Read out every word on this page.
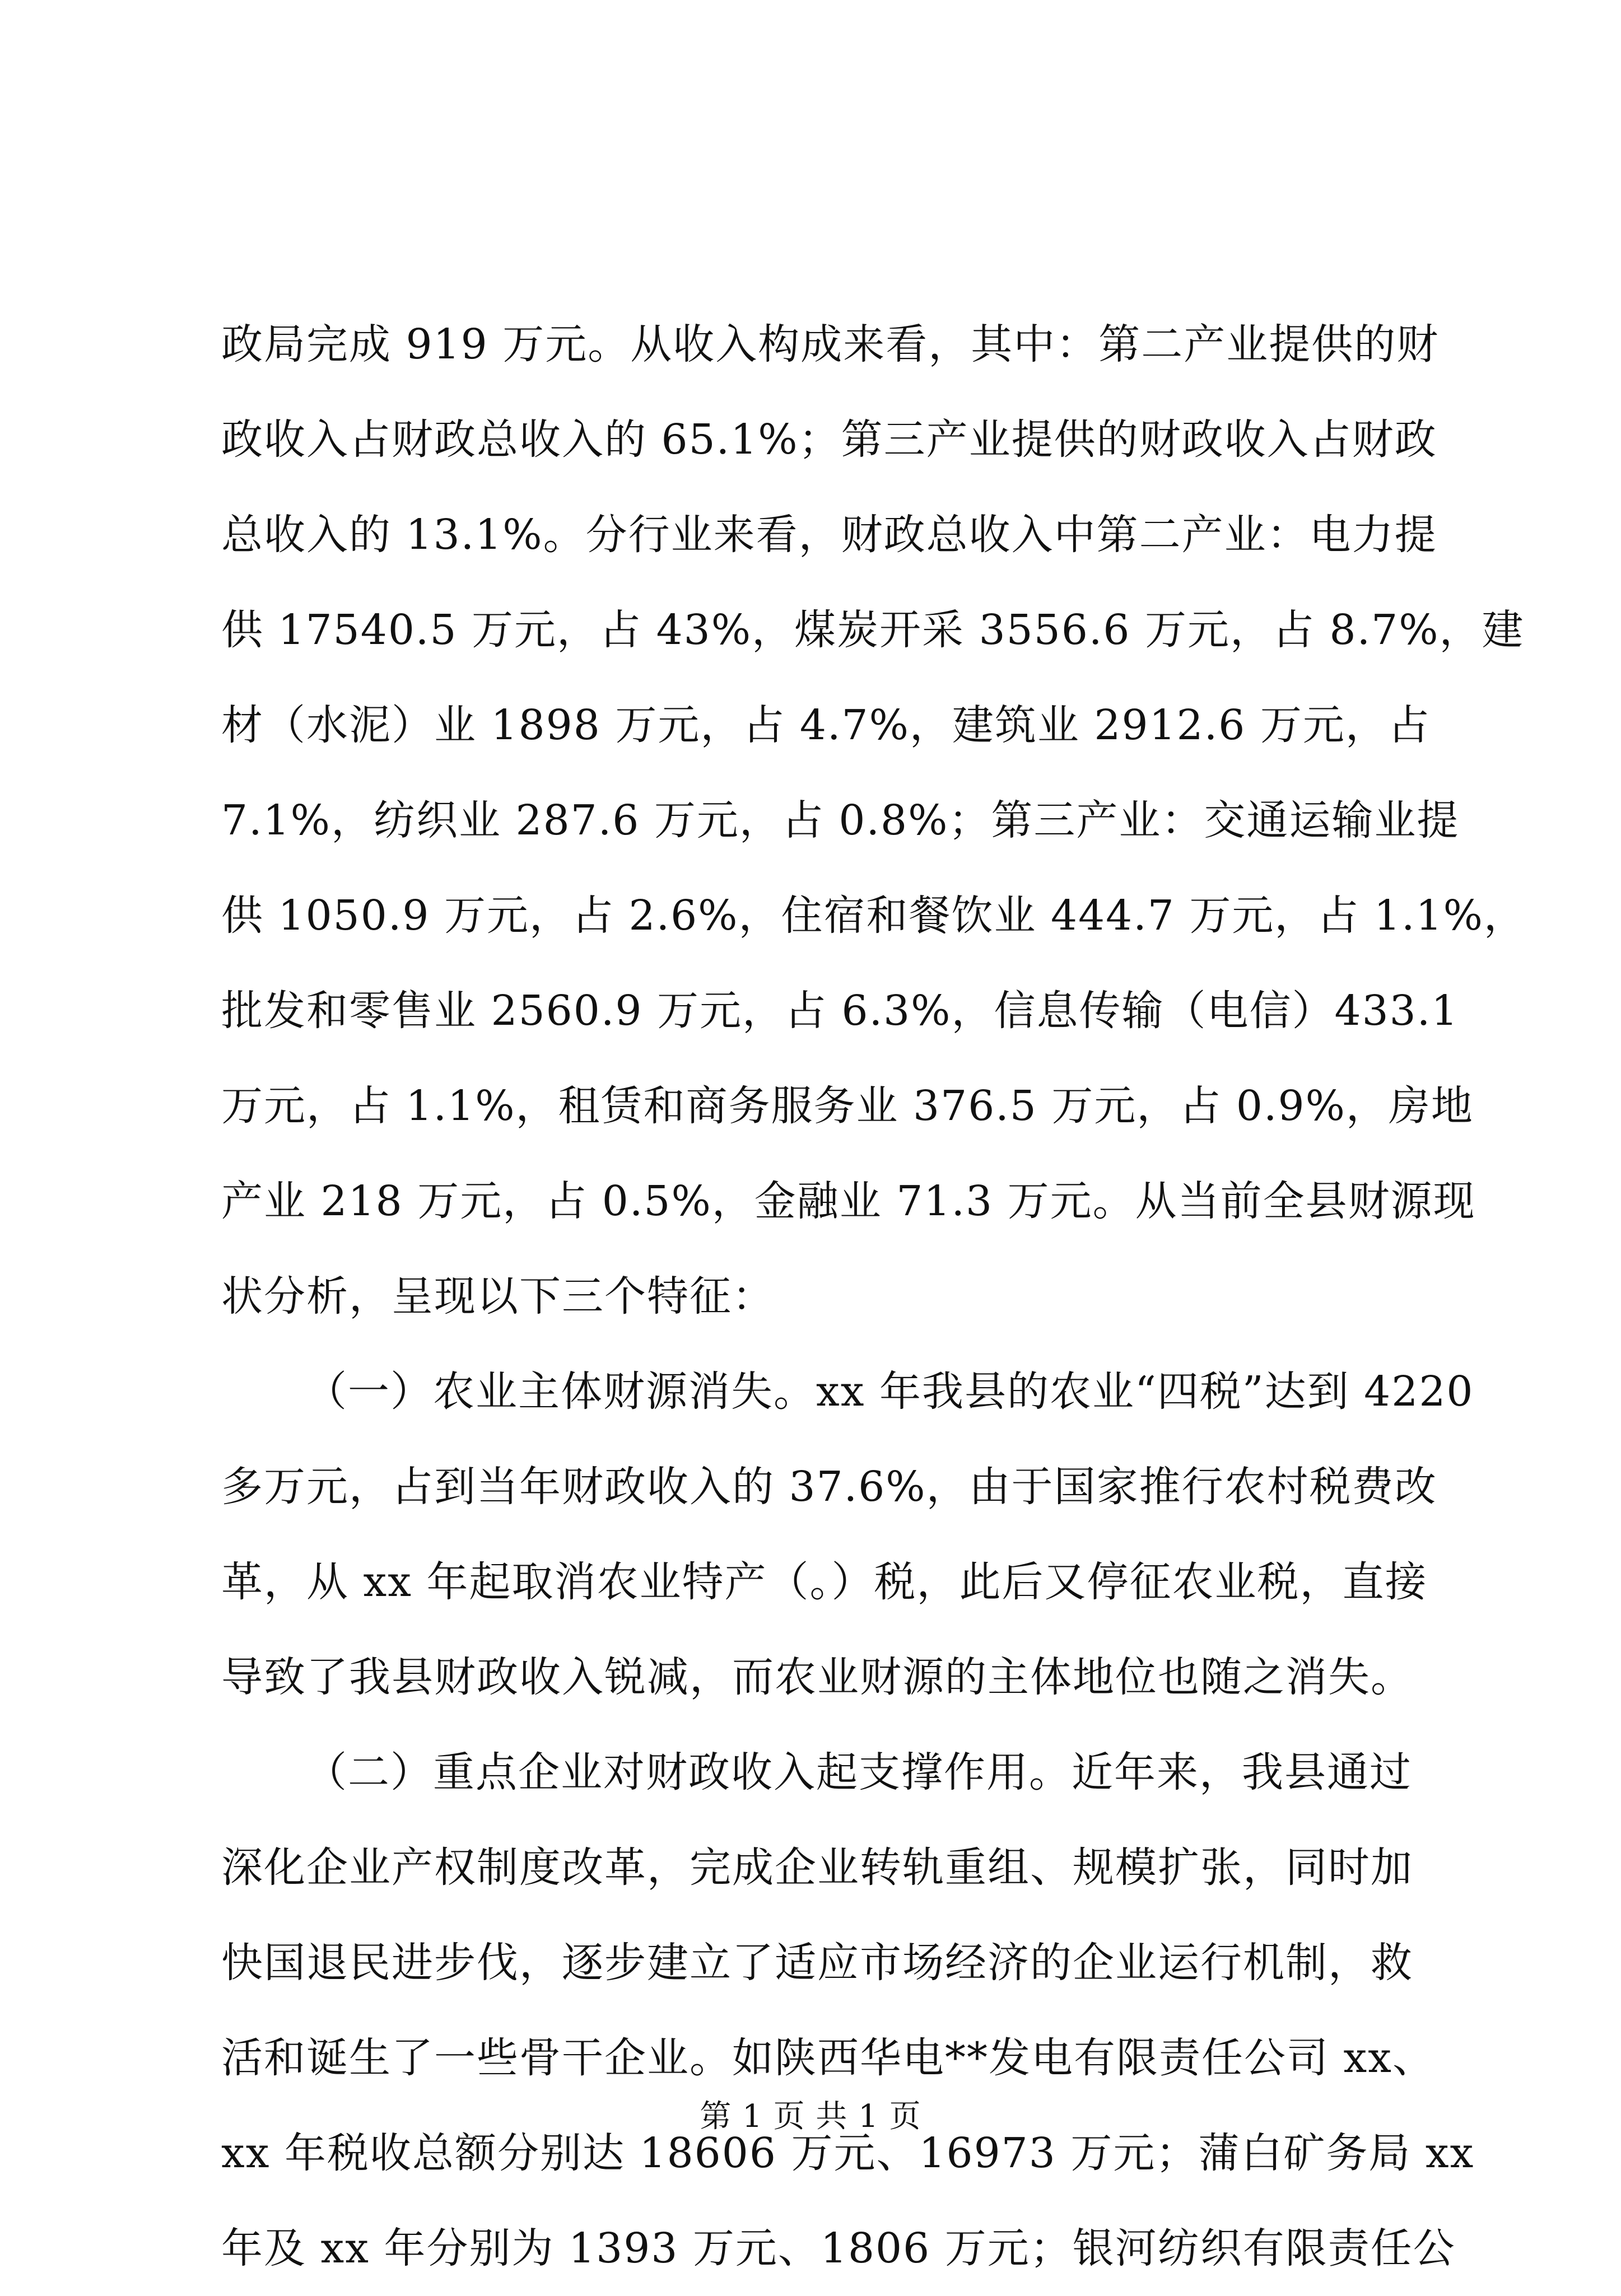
政局完成 919 万元。从收入构成来看，其中：第二产业提供的财
政收入占财政总收入的 65.1%；第三产业提供的财政收入占财政
总收入的 13.1%。分行业来看，财政总收入中第二产业：电力提
供 17540.5 万元，占 43%，煤炭开采 3556.6 万元，占 8.7%，建
材（水泥）业 1898 万元，占 4.7%，建筑业 2912.6 万元，占
7.1%，纺织业 287.6 万元，占 0.8%；第三产业：交通运输业提
供 1050.9 万元，占 2.6%，住宿和餐饮业 444.7 万元，占 1.1%，
批发和零售业 2560.9 万元，占 6.3%，信息传输（电信）433.1
万元，占 1.1%，租赁和商务服务业 376.5 万元，占 0.9%，房地
产业 218 万元，占 0.5%，金融业 71.3 万元。从当前全县财源现
状分析，呈现以下三个特征：
（一）农业主体财源消失。xx 年我县的农业“四税”达到 4220
多万元，占到当年财政收入的 37.6%，由于国家推行农村税费改
革，从 xx 年起取消农业特产（。）税，此后又停征农业税，直接
导致了我县财政收入锐减，而农业财源的主体地位也随之消失。
（二）重点企业对财政收入起支撑作用。近年来，我县通过
深化企业产权制度改革，完成企业转轨重组、规模扩张，同时加
快国退民进步伐，逐步建立了适应市场经济的企业运行机制，救
活和诞生了一些骨干企业。如陕西华电**发电有限责任公司 xx、
xx 年税收总额分别达 18606 万元、16973 万元；蒲白矿务局 xx
年及 xx 年分别为 1393 万元、1806 万元；银河纺织有限责任公
第 1 页 共 1 页
